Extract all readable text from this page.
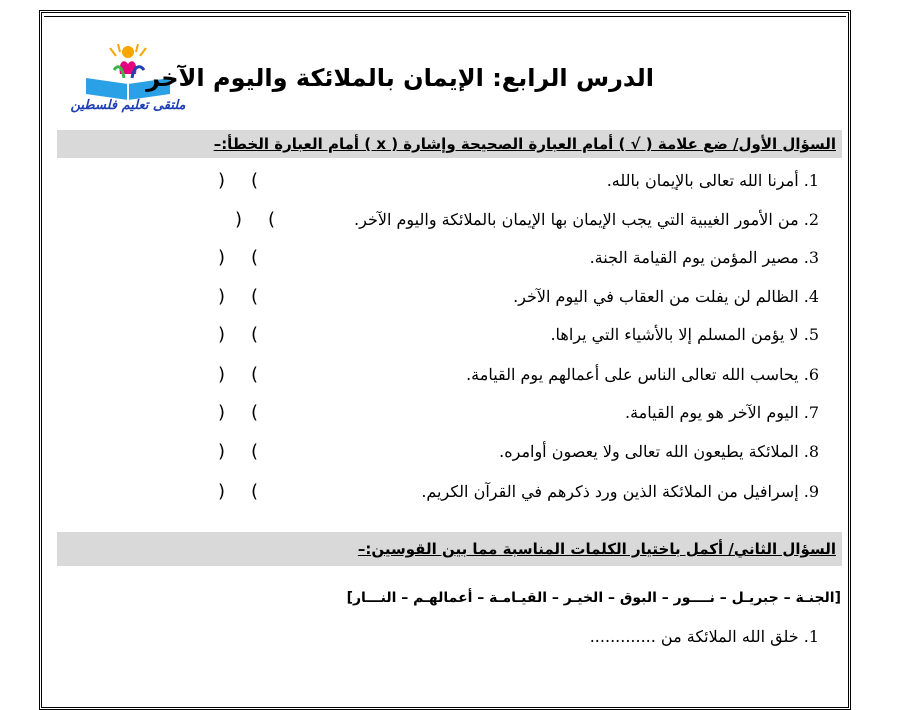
ملتقى تعليم فلسطين
الدرس الرابع: الإيمان بالملائكة واليوم الآخر
السؤال الأول/ ضع علامة ( √ ) أمام العبارة الصحيحة وإشارة ( x ) أمام العبارة الخطأ:–
1. أمرنا الله تعالى بالإيمان بالله.
) (
2. من الأمور الغيبية التي يجب الإيمان بها الإيمان بالملائكة واليوم الآخر.
) (
3. مصير المؤمن يوم القيامة الجنة.
) (
4. الظالم لن يفلت من العقاب في اليوم الآخر.
) (
5. لا يؤمن المسلم إلا بالأشياء التي يراها.
) (
6. يحاسب الله تعالى الناس على أعمالهم يوم القيامة.
) (
7. اليوم الآخر هو يوم القيامة.
) (
8. الملائكة يطيعون الله تعالى ولا يعصون أوامره.
) (
9. إسرافيل من الملائكة الذين ورد ذكرهم في القرآن الكريم.
) (
السؤال الثاني/ أكمل باختيار الكلمات المناسبة مما بين القوسين:–
[الجنـة – جبريـل – نــــور – البوق – الخيـر – القيـامـة – أعمالهـم – النـــار]
1. خلق الله الملائكة من .............
